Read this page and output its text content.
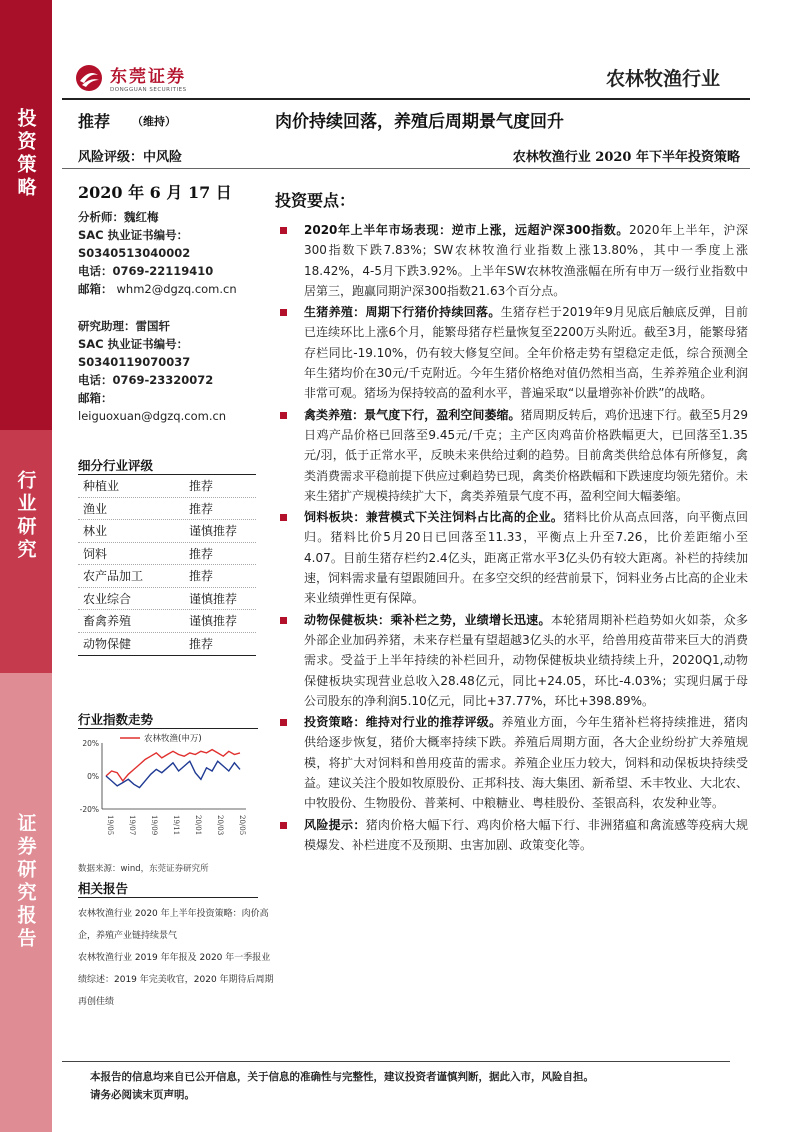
投资策略
行业研究
证券研究报告
东莞证券
DONGGUAN SECURITIES	农林牧渔行业
推荐 （维持）	肉价持续回落，养殖后周期景气度回升
风险评级：中风险	农林牧渔行业 2020 年下半年投资策略
2020 年 6 月 17 日
分析师：魏红梅
SAC 执业证书编号：
S0340513040002
电话：0769-22119410
邮箱： whm2@dgzq.com.cn
研究助理：雷国轩
SAC 执业证书编号：
S0340119070037
电话：0769-23320072
邮箱：
leiguoxuan@dgzq.com.cn
细分行业评级
种植业	推荐
渔业	推荐
林业	谨慎推荐
饲料	推荐
农产品加工	推荐
农业综合	谨慎推荐
畜禽养殖	谨慎推荐
动物保健	推荐
行业指数走势
20%
0%
-20%
19/05 19/07 19/09 19/11 20/01 20/03 20/05
农林牧渔(申万)
数据来源：wind，东莞证券研究所
相关报告
农林牧渔行业 2020 年上半年投资策略：肉价高企，养殖产业链持续景气
农林牧渔行业 2019 年年报及 2020 年一季报业绩综述：2019 年完美收官，2020 年期待后周期再创佳绩
投资要点：
2020年上半年市场表现：逆市上涨，远超沪深300指数。2020年上半年，沪深300指数下跌7.83%；SW农林牧渔行业指数上涨13.80%，其中一季度上涨18.42%，4-5月下跌3.92%。上半年SW农林牧渔涨幅在所有申万一级行业指数中居第三，跑赢同期沪深300指数21.63个百分点。
生猪养殖：周期下行猪价持续回落。生猪存栏于2019年9月见底后触底反弹，目前已连续环比上涨6个月，能繁母猪存栏量恢复至2200万头附近。截至3月，能繁母猪存栏同比-19.10%，仍有较大修复空间。全年价格走势有望稳定走低，综合预测全年生猪均价在30元/千克附近。今年生猪价格绝对值仍然相当高，生养养殖企业利润非常可观。猪场为保持较高的盈利水平，普遍采取“以量增弥补价跌”的战略。
禽类养殖：景气度下行，盈利空间萎缩。猪周期反转后，鸡价迅速下行。截至5月29日鸡产品价格已回落至9.45元/千克；主产区肉鸡苗价格跌幅更大，已回落至1.35元/羽，低于正常水平，反映未来供给过剩的趋势。目前禽类供给总体有所修复，禽类消费需求平稳前提下供应过剩趋势已现，禽类价格跌幅和下跌速度均领先猪价。未来生猪扩产规模持续扩大下，禽类养殖景气度不再，盈利空间大幅萎缩。
饲料板块：兼营模式下关注饲料占比高的企业。猪料比价从高点回落，向平衡点回归。猪料比价5月20日已回落至11.33，平衡点上升至7.26，比价差距缩小至4.07。目前生猪存栏约2.4亿头，距离正常水平3亿头仍有较大距离。补栏的持续加速，饲料需求量有望跟随回升。在多空交织的经营前景下，饲料业务占比高的企业未来业绩弹性更有保障。
动物保健板块：乘补栏之势，业绩增长迅速。本轮猪周期补栏趋势如火如荼，众多外部企业加码养猪，未来存栏量有望超越3亿头的水平，给兽用疫苗带来巨大的消费需求。受益于上半年持续的补栏回升，动物保健板块业绩持续上升，2020Q1,动物保健板块实现营业总收入28.48亿元，同比+24.05，环比-4.03%；实现归属于母公司股东的净利润5.10亿元，同比+37.77%，环比+398.89%。
投资策略：维持对行业的推荐评级。养殖业方面，今年生猪补栏将持续推进，猪肉供给逐步恢复，猪价大概率持续下跌。养殖后周期方面，各大企业纷纷扩大养殖规模，将扩大对饲料和兽用疫苗的需求。养殖企业压力较大，饲料和动保板块持续受益。建议关注个股如牧原股份、正邦科技、海大集团、新希望、禾丰牧业、大北农、中牧股份、生物股份、普莱柯、中粮糖业、粤桂股份、荃银高科，农发种业等。
风险提示：猪肉价格大幅下行、鸡肉价格大幅下行、非洲猪瘟和禽流感等疫病大规模爆发、补栏进度不及预期、虫害加剧、政策变化等。
本报告的信息均来自已公开信息，关于信息的准确性与完整性，建议投资者谨慎判断，据此入市，风险自担。
请务必阅读末页声明。
